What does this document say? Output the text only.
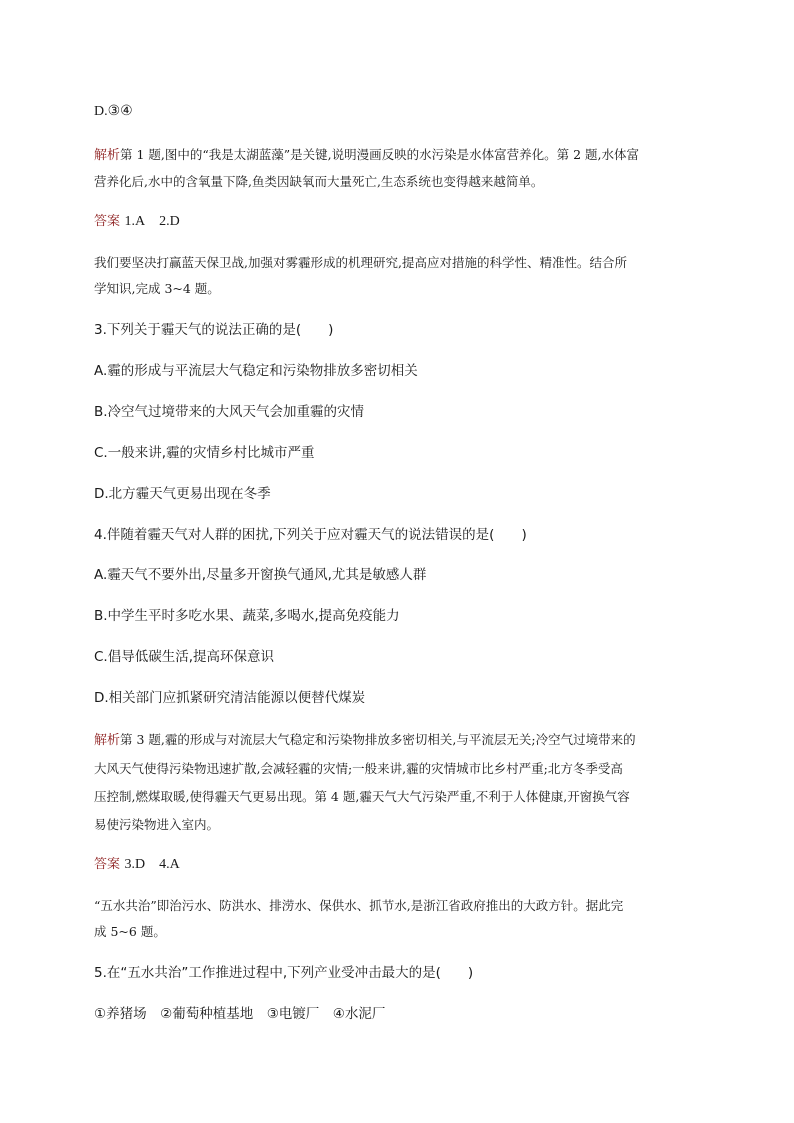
D.③④
解析第 1 题,图中的“我是太湖蓝藻”是关键,说明漫画反映的水污染是水体富营养化。第 2 题,水体富
营养化后,水中的含氧量下降,鱼类因缺氧而大量死亡,生态系统也变得越来越简单。
答案 1.A 2.D
我们要坚决打赢蓝天保卫战,加强对雾霾形成的机理研究,提高应对措施的科学性、精准性。结合所
学知识,完成 3~4 题。
3.下列关于霾天气的说法正确的是(　　)
A.霾的形成与平流层大气稳定和污染物排放多密切相关
B.冷空气过境带来的大风天气会加重霾的灾情
C.一般来讲,霾的灾情乡村比城市严重
D.北方霾天气更易出现在冬季
4.伴随着霾天气对人群的困扰,下列关于应对霾天气的说法错误的是(　　)
A.霾天气不要外出,尽量多开窗换气通风,尤其是敏感人群
B.中学生平时多吃水果、蔬菜,多喝水,提高免疫能力
C.倡导低碳生活,提高环保意识
D.相关部门应抓紧研究清洁能源以便替代煤炭
解析第 3 题,霾的形成与对流层大气稳定和污染物排放多密切相关,与平流层无关;冷空气过境带来的
大风天气使得污染物迅速扩散,会减轻霾的灾情;一般来讲,霾的灾情城市比乡村严重;北方冬季受高
压控制,燃煤取暖,使得霾天气更易出现。第 4 题,霾天气大气污染严重,不利于人体健康,开窗换气容
易使污染物进入室内。
答案 3.D 4.A
“五水共治”即治污水、防洪水、排涝水、保供水、抓节水,是浙江省政府推出的大政方针。据此完
成 5~6 题。
5.在“五水共治”工作推进过程中,下列产业受冲击最大的是(　　)
①养猪场　②葡萄种植基地　③电镀厂　④水泥厂
